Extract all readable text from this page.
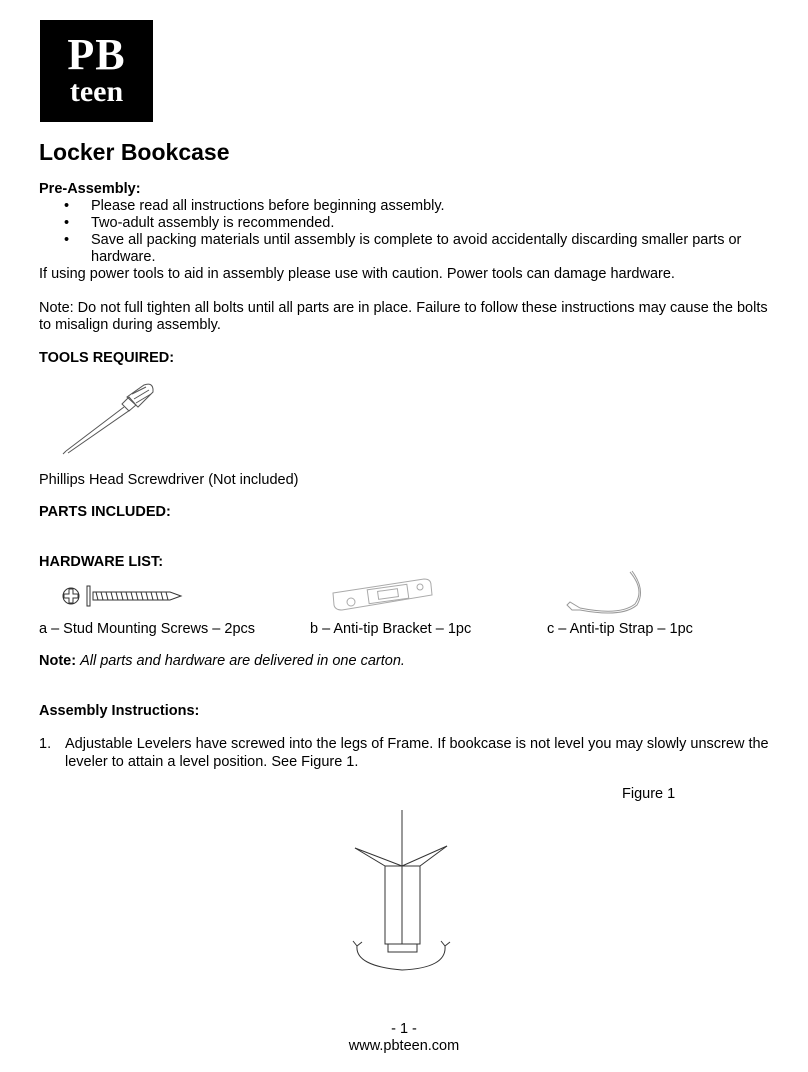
PB
teen
Locker Bookcase
Pre-Assembly:
• Please read all instructions before beginning assembly.
• Two-adult assembly is recommended.
• Save all packing materials until assembly is complete to avoid accidentally discarding smaller parts or hardware.
If using power tools to aid in assembly please use with caution. Power tools can damage hardware.
Note: Do not full tighten all bolts until all parts are in place. Failure to follow these instructions may cause the bolts to misalign during assembly.
TOOLS REQUIRED:
Phillips Head Screwdriver (Not included)
PARTS INCLUDED:
HARDWARE LIST:
a – Stud Mounting Screws – 2pcs	b – Anti-tip Bracket – 1pc	c – Anti-tip Strap – 1pc
Note: All parts and hardware are delivered in one carton.
Assembly Instructions:
1. Adjustable Levelers have screwed into the legs of Frame. If bookcase is not level you may slowly unscrew the leveler to attain a level position. See Figure 1.
Figure 1
- 1 -
www.pbteen.com
